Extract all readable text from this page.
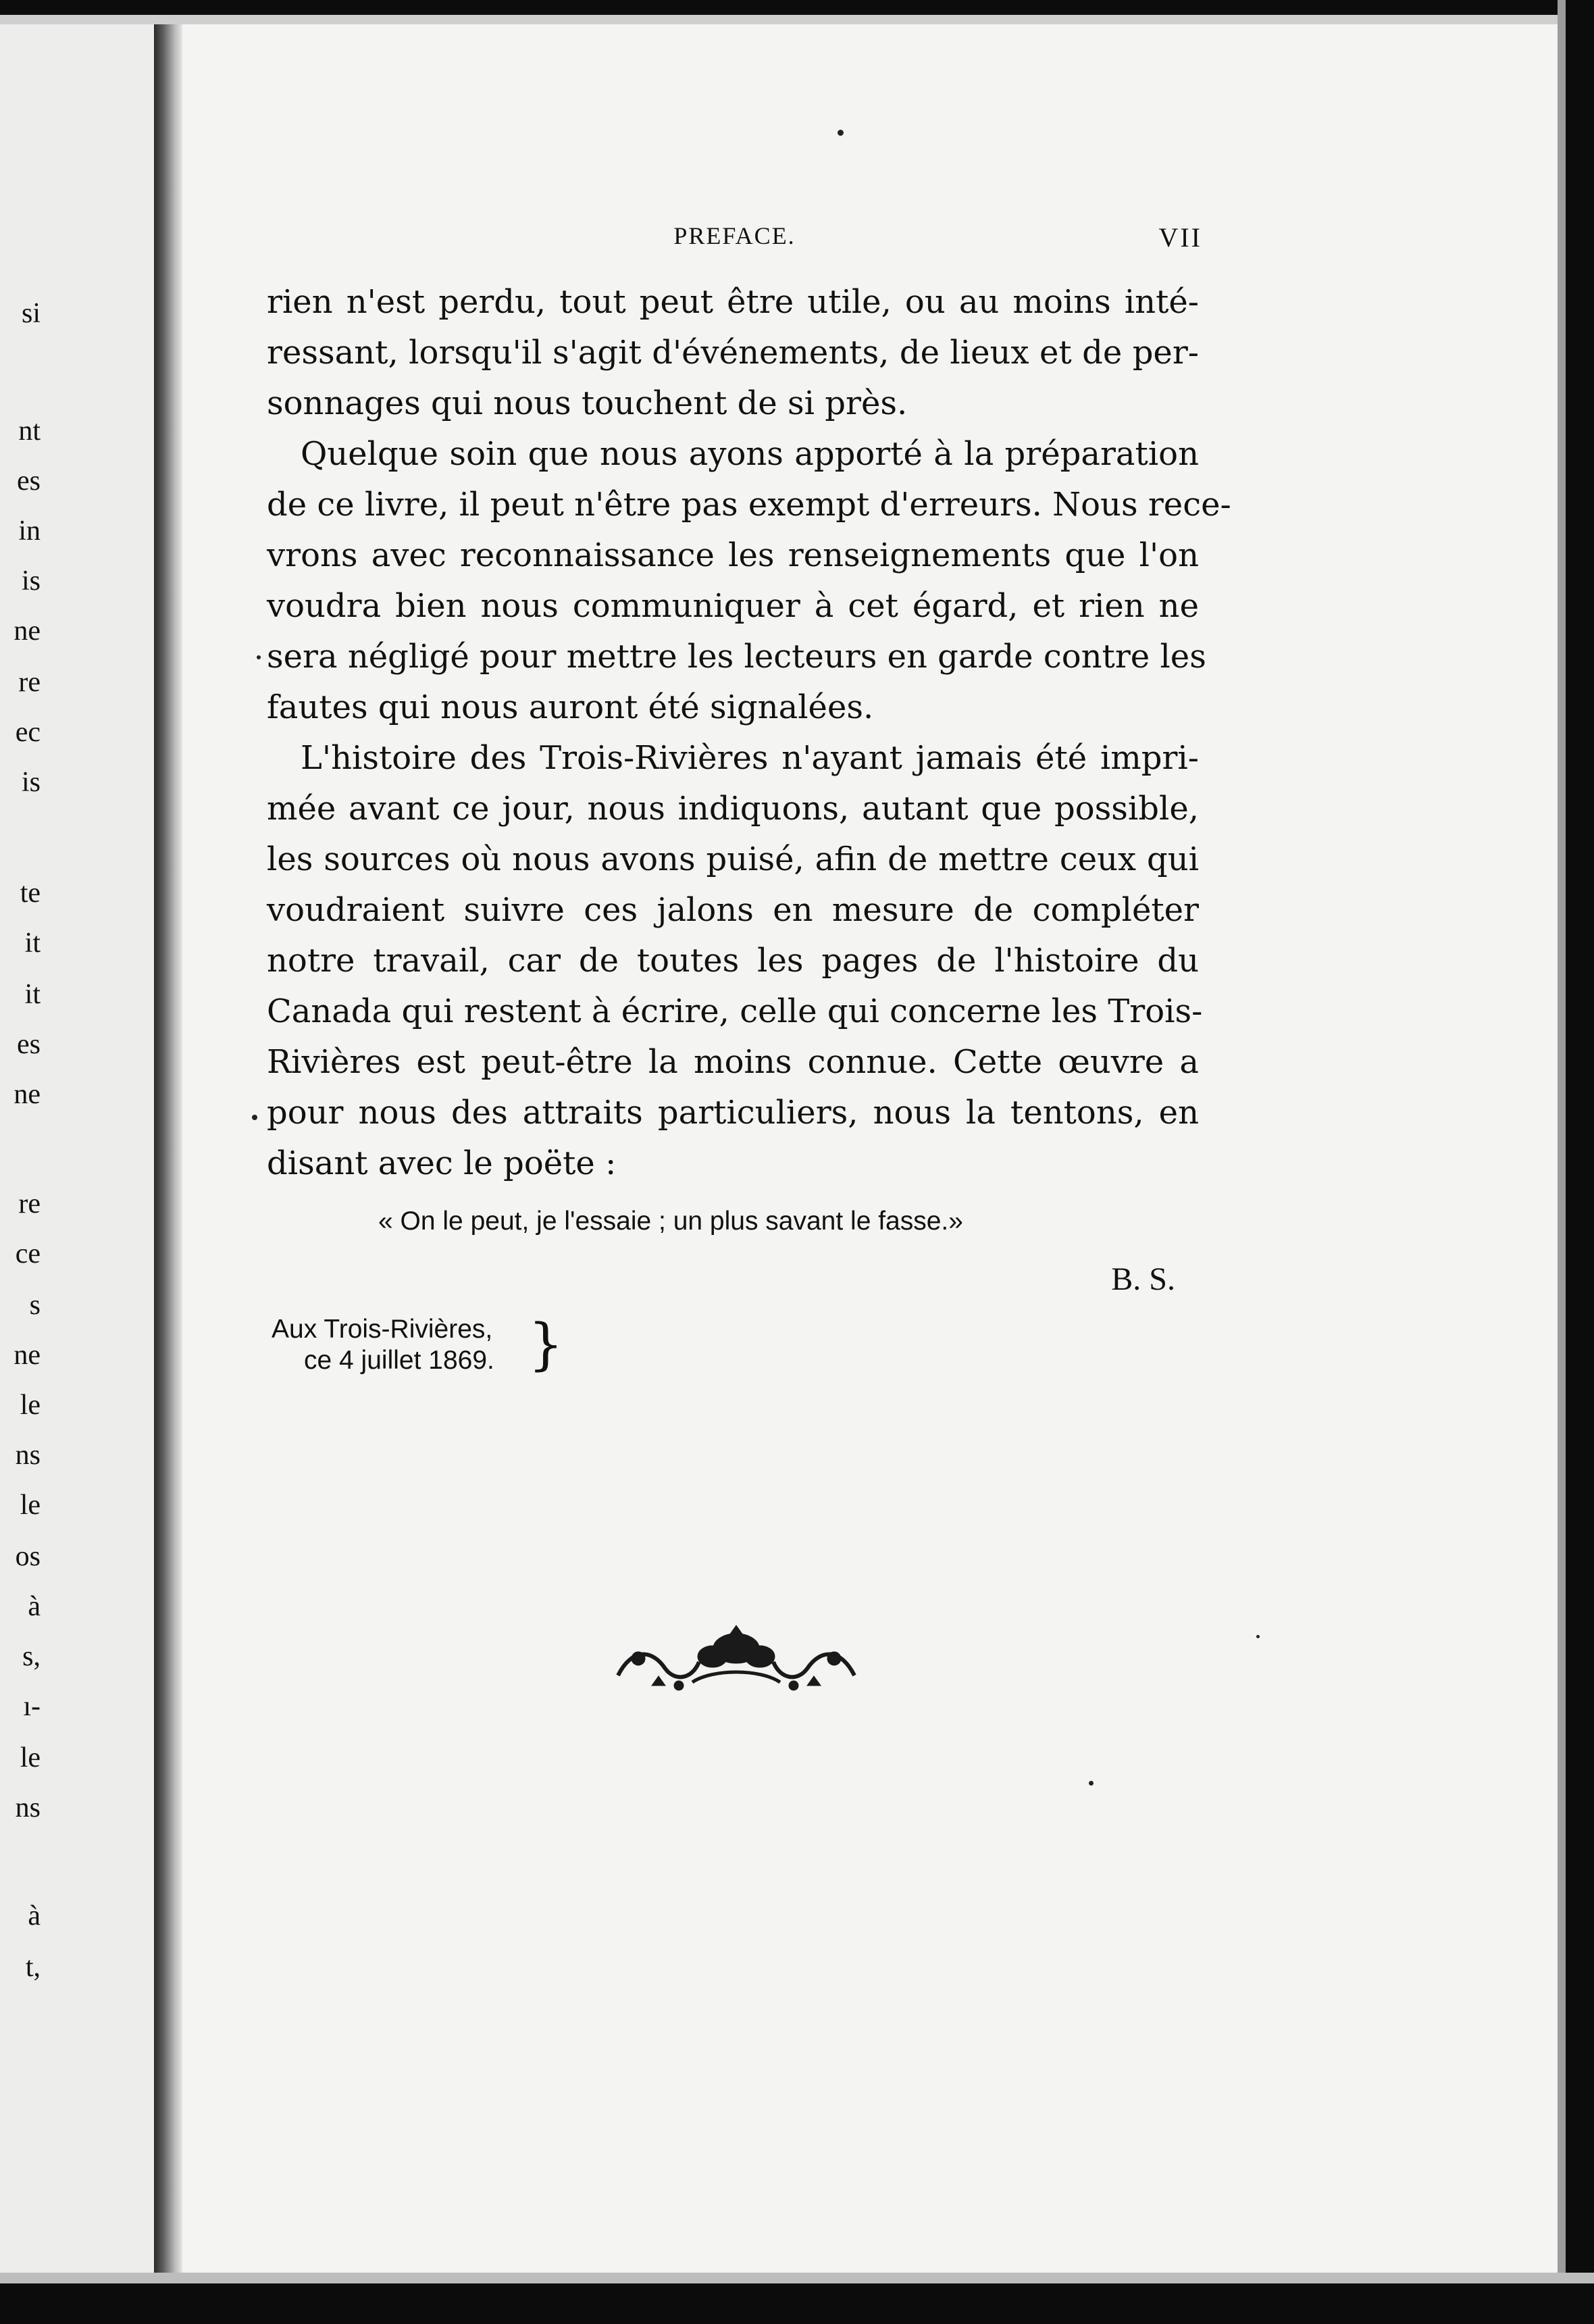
si
nt
es
in
is
ne
re
ec
is
te
it
it
es
ne
re
ce
s
ne
le
ns
le
os
à
s,
ı-
le
ns
à
t,
PREFACE.	VII
rien n'est perdu, tout peut être utile, ou au moins inté-
ressant, lorsqu'il s'agit d'événements, de lieux et de per-
sonnages qui nous touchent de si près.
Quelque soin que nous ayons apporté à la préparation
de ce livre, il peut n'être pas exempt d'erreurs. Nous rece-
vrons avec reconnaissance les renseignements que l'on
voudra bien nous communiquer à cet égard, et rien ne
sera négligé pour mettre les lecteurs en garde contre les
fautes qui nous auront été signalées.
L'histoire des Trois-Rivières n'ayant jamais été impri-
mée avant ce jour, nous indiquons, autant que possible,
les sources où nous avons puisé, afin de mettre ceux qui
voudraient suivre ces jalons en mesure de compléter
notre travail, car de toutes les pages de l'histoire du
Canada qui restent à écrire, celle qui concerne les Trois-
Rivières est peut-être la moins connue. Cette œuvre a
pour nous des attraits particuliers, nous la tentons, en
disant avec le poëte :
« On le peut, je l'essaie ; un plus savant le fasse.»
B. S.
Aux Trois-Rivières,
ce 4 juillet 1869. }
